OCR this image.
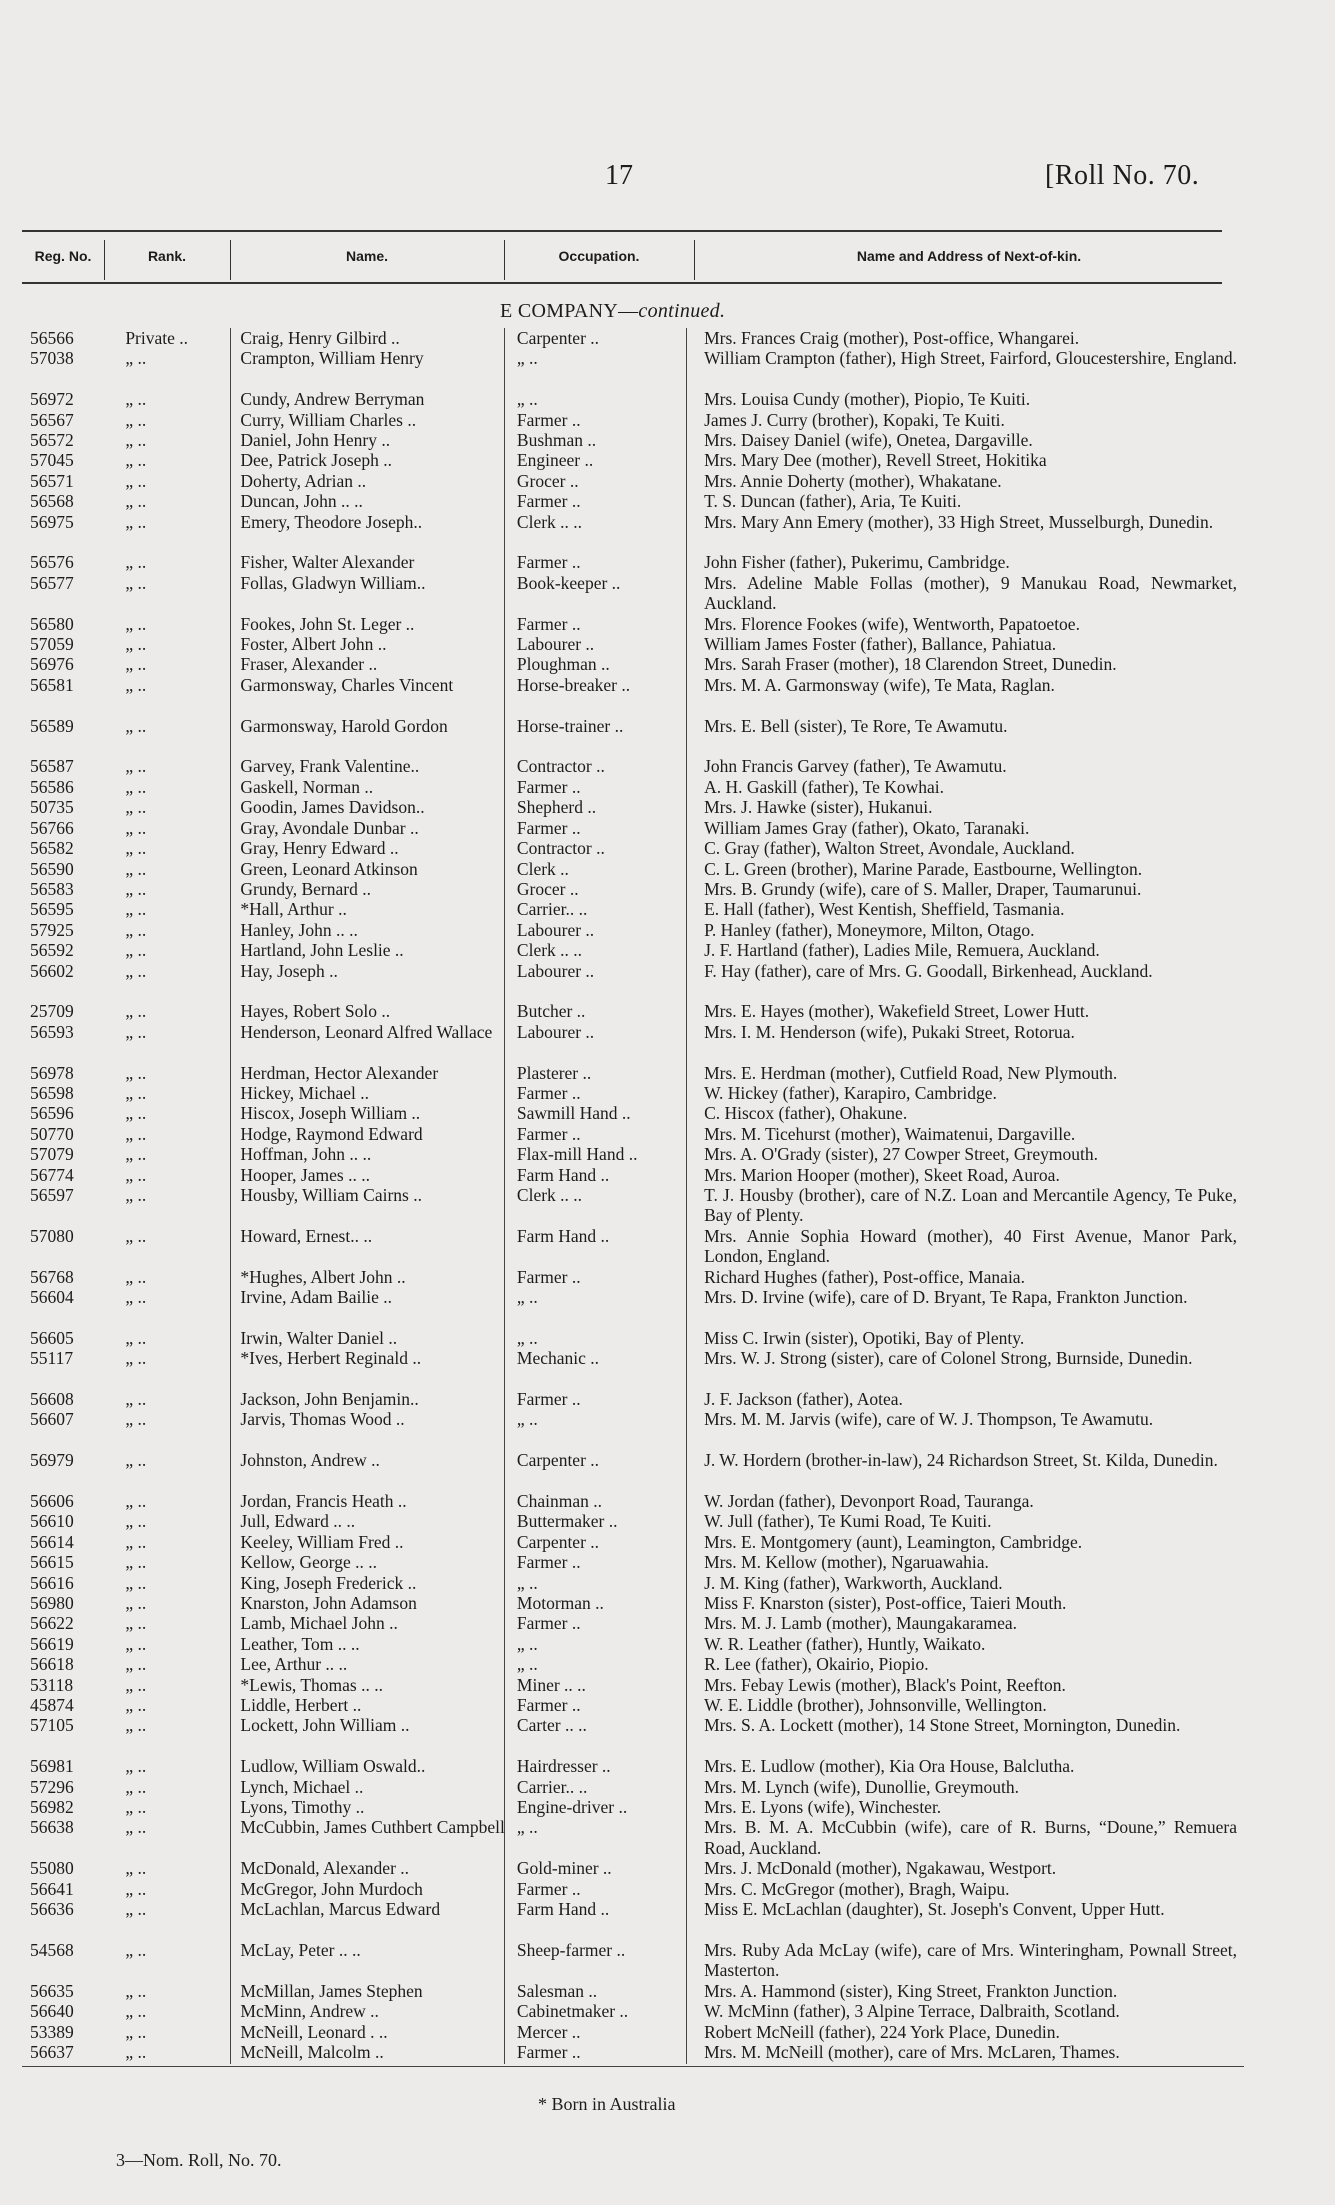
17	[Roll No. 70.
Reg. No.	Rank.	Name.	Occupation.	Name and Address of Next-of-kin.
E COMPANY—continued.
56566	Private ..	Craig, Henry Gilbird ..	Carpenter ..	Mrs. Frances Craig (mother), Post-office, Whangarei.
57038	„ ..	Crampton, William Henry	„ ..	William Crampton (father), High Street, Fairford, Gloucestershire, England.
56972	„ ..	Cundy, Andrew Berryman	„ ..	Mrs. Louisa Cundy (mother), Piopio, Te Kuiti.
56567	„ ..	Curry, William Charles ..	Farmer ..	James J. Curry (brother), Kopaki, Te Kuiti.
56572	„ ..	Daniel, John Henry ..	Bushman ..	Mrs. Daisey Daniel (wife), Onetea, Dargaville.
57045	„ ..	Dee, Patrick Joseph ..	Engineer ..	Mrs. Mary Dee (mother), Revell Street, Hokitika
56571	„ ..	Doherty, Adrian ..	Grocer ..	Mrs. Annie Doherty (mother), Whakatane.
56568	„ ..	Duncan, John .. ..	Farmer ..	T. S. Duncan (father), Aria, Te Kuiti.
56975	„ ..	Emery, Theodore Joseph..	Clerk .. ..	Mrs. Mary Ann Emery (mother), 33 High Street, Musselburgh, Dunedin.
56576	„ ..	Fisher, Walter Alexander	Farmer ..	John Fisher (father), Pukerimu, Cambridge.
56577	„ ..	Follas, Gladwyn William..	Book-keeper ..	Mrs. Adeline Mable Follas (mother), 9 Manukau Road, Newmarket, Auckland.
56580	„ ..	Fookes, John St. Leger ..	Farmer ..	Mrs. Florence Fookes (wife), Wentworth, Papatoetoe.
57059	„ ..	Foster, Albert John ..	Labourer ..	William James Foster (father), Ballance, Pahiatua.
56976	„ ..	Fraser, Alexander ..	Ploughman ..	Mrs. Sarah Fraser (mother), 18 Clarendon Street, Dunedin.
56581	„ ..	Garmonsway, Charles Vincent	Horse-breaker ..	Mrs. M. A. Garmonsway (wife), Te Mata, Raglan.
56589	„ ..	Garmonsway, Harold Gordon	Horse-trainer ..	Mrs. E. Bell (sister), Te Rore, Te Awamutu.
56587	„ ..	Garvey, Frank Valentine..	Contractor ..	John Francis Garvey (father), Te Awamutu.
56586	„ ..	Gaskell, Norman ..	Farmer ..	A. H. Gaskill (father), Te Kowhai.
50735	„ ..	Goodin, James Davidson..	Shepherd ..	Mrs. J. Hawke (sister), Hukanui.
56766	„ ..	Gray, Avondale Dunbar ..	Farmer ..	William James Gray (father), Okato, Taranaki.
56582	„ ..	Gray, Henry Edward ..	Contractor ..	C. Gray (father), Walton Street, Avondale, Auckland.
56590	„ ..	Green, Leonard Atkinson	Clerk ..	C. L. Green (brother), Marine Parade, Eastbourne, Wellington.
56583	„ ..	Grundy, Bernard ..	Grocer ..	Mrs. B. Grundy (wife), care of S. Maller, Draper, Taumarunui.
56595	„ ..	*Hall, Arthur ..	Carrier.. ..	E. Hall (father), West Kentish, Sheffield, Tasmania.
57925	„ ..	Hanley, John .. ..	Labourer ..	P. Hanley (father), Moneymore, Milton, Otago.
56592	„ ..	Hartland, John Leslie ..	Clerk .. ..	J. F. Hartland (father), Ladies Mile, Remuera, Auckland.
56602	„ ..	Hay, Joseph ..	Labourer ..	F. Hay (father), care of Mrs. G. Goodall, Birkenhead, Auckland.
25709	„ ..	Hayes, Robert Solo ..	Butcher ..	Mrs. E. Hayes (mother), Wakefield Street, Lower Hutt.
56593	„ ..	Henderson, Leonard Alfred Wallace	Labourer ..	Mrs. I. M. Henderson (wife), Pukaki Street, Rotorua.
56978	„ ..	Herdman, Hector Alexander	Plasterer ..	Mrs. E. Herdman (mother), Cutfield Road, New Plymouth.
56598	„ ..	Hickey, Michael ..	Farmer ..	W. Hickey (father), Karapiro, Cambridge.
56596	„ ..	Hiscox, Joseph William ..	Sawmill Hand ..	C. Hiscox (father), Ohakune.
50770	„ ..	Hodge, Raymond Edward	Farmer ..	Mrs. M. Ticehurst (mother), Waimatenui, Dargaville.
57079	„ ..	Hoffman, John .. ..	Flax-mill Hand ..	Mrs. A. O'Grady (sister), 27 Cowper Street, Greymouth.
56774	„ ..	Hooper, James .. ..	Farm Hand ..	Mrs. Marion Hooper (mother), Skeet Road, Auroa.
56597	„ ..	Housby, William Cairns ..	Clerk .. ..	T. J. Housby (brother), care of N.Z. Loan and Mercantile Agency, Te Puke, Bay of Plenty.
57080	„ ..	Howard, Ernest.. ..	Farm Hand ..	Mrs. Annie Sophia Howard (mother), 40 First Avenue, Manor Park, London, England.
56768	„ ..	*Hughes, Albert John ..	Farmer ..	Richard Hughes (father), Post-office, Manaia.
56604	„ ..	Irvine, Adam Bailie ..	„ ..	Mrs. D. Irvine (wife), care of D. Bryant, Te Rapa, Frankton Junction.
56605	„ ..	Irwin, Walter Daniel ..	„ ..	Miss C. Irwin (sister), Opotiki, Bay of Plenty.
55117	„ ..	*Ives, Herbert Reginald ..	Mechanic ..	Mrs. W. J. Strong (sister), care of Colonel Strong, Burnside, Dunedin.
56608	„ ..	Jackson, John Benjamin..	Farmer ..	J. F. Jackson (father), Aotea.
56607	„ ..	Jarvis, Thomas Wood ..	„ ..	Mrs. M. M. Jarvis (wife), care of W. J. Thompson, Te Awamutu.
56979	„ ..	Johnston, Andrew ..	Carpenter ..	J. W. Hordern (brother-in-law), 24 Richardson Street, St. Kilda, Dunedin.
56606	„ ..	Jordan, Francis Heath ..	Chainman ..	W. Jordan (father), Devonport Road, Tauranga.
56610	„ ..	Jull, Edward .. ..	Buttermaker ..	W. Jull (father), Te Kumi Road, Te Kuiti.
56614	„ ..	Keeley, William Fred ..	Carpenter ..	Mrs. E. Montgomery (aunt), Leamington, Cambridge.
56615	„ ..	Kellow, George .. ..	Farmer ..	Mrs. M. Kellow (mother), Ngaruawahia.
56616	„ ..	King, Joseph Frederick ..	„ ..	J. M. King (father), Warkworth, Auckland.
56980	„ ..	Knarston, John Adamson	Motorman ..	Miss F. Knarston (sister), Post-office, Taieri Mouth.
56622	„ ..	Lamb, Michael John ..	Farmer ..	Mrs. M. J. Lamb (mother), Maungakaramea.
56619	„ ..	Leather, Tom .. ..	„ ..	W. R. Leather (father), Huntly, Waikato.
56618	„ ..	Lee, Arthur .. ..	„ ..	R. Lee (father), Okairio, Piopio.
53118	„ ..	*Lewis, Thomas .. ..	Miner .. ..	Mrs. Febay Lewis (mother), Black's Point, Reefton.
45874	„ ..	Liddle, Herbert ..	Farmer ..	W. E. Liddle (brother), Johnsonville, Wellington.
57105	„ ..	Lockett, John William ..	Carter .. ..	Mrs. S. A. Lockett (mother), 14 Stone Street, Mornington, Dunedin.
56981	„ ..	Ludlow, William Oswald..	Hairdresser ..	Mrs. E. Ludlow (mother), Kia Ora House, Balclutha.
57296	„ ..	Lynch, Michael ..	Carrier.. ..	Mrs. M. Lynch (wife), Dunollie, Greymouth.
56982	„ ..	Lyons, Timothy ..	Engine-driver ..	Mrs. E. Lyons (wife), Winchester.
56638	„ ..	McCubbin, James Cuthbert Campbell „ ..	Mrs. B. M. A. McCubbin (wife), care of R. Burns, “Doune,” Remuera Road, Auckland.
55080	„ ..	McDonald, Alexander ..	Gold-miner ..	Mrs. J. McDonald (mother), Ngakawau, Westport.
56641	„ ..	McGregor, John Murdoch	Farmer ..	Mrs. C. McGregor (mother), Bragh, Waipu.
56636	„ ..	McLachlan, Marcus Edward	Farm Hand ..	Miss E. McLachlan (daughter), St. Joseph's Convent, Upper Hutt.
54568	„ ..	McLay, Peter .. ..	Sheep-farmer ..	Mrs. Ruby Ada McLay (wife), care of Mrs. Winteringham, Pownall Street, Masterton.
56635	„ ..	McMillan, James Stephen	Salesman ..	Mrs. A. Hammond (sister), King Street, Frankton Junction.
56640	„ ..	McMinn, Andrew ..	Cabinetmaker ..	W. McMinn (father), 3 Alpine Terrace, Dalbraith, Scotland.
53389	„ ..	McNeill, Leonard . ..	Mercer ..	Robert McNeill (father), 224 York Place, Dunedin.
56637	„ ..	McNeill, Malcolm ..	Farmer ..	Mrs. M. McNeill (mother), care of Mrs. McLaren, Thames.
* Born in Australia
3—Nom. Roll, No. 70.
